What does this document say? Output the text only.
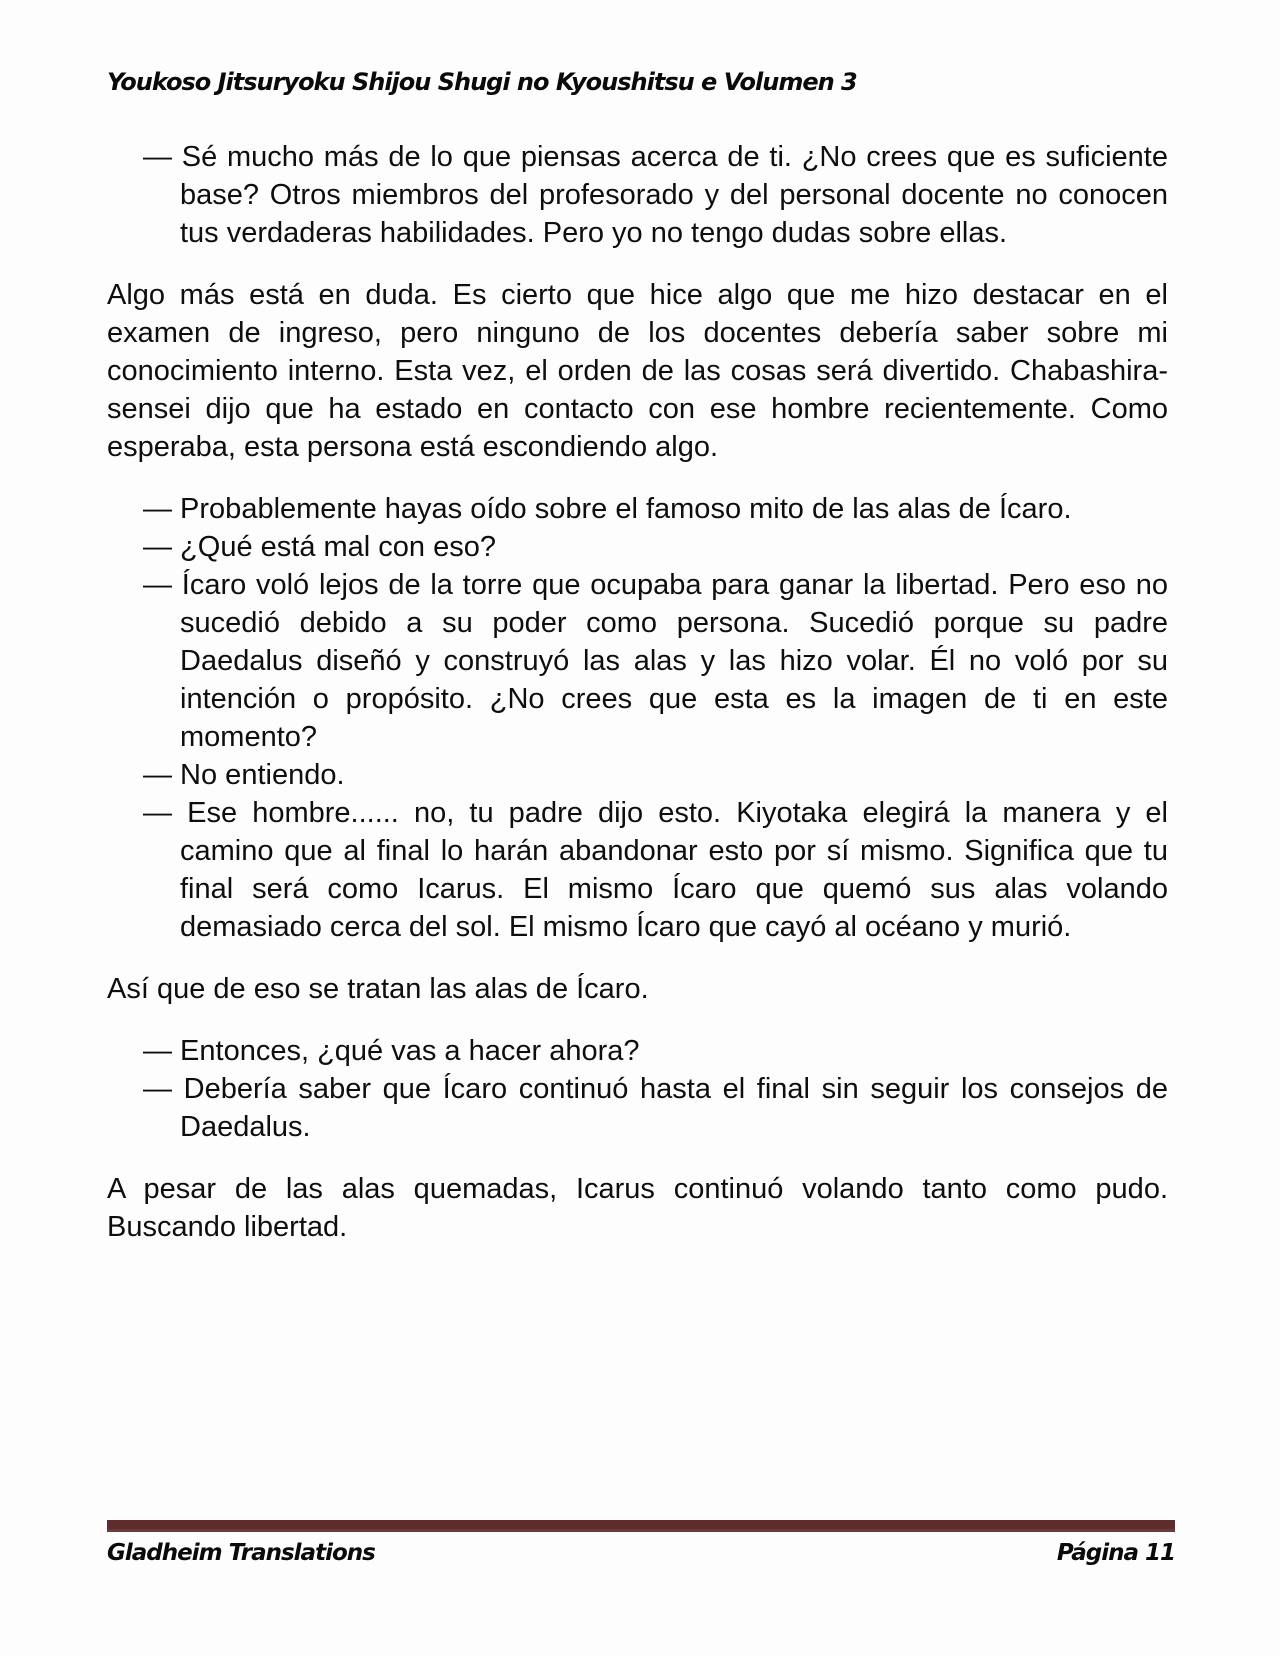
Youkoso Jitsuryoku Shijou Shugi no Kyoushitsu e Volumen 3

— Sé mucho más de lo que piensas acerca de ti. ¿No crees que es suficiente base? Otros miembros del profesorado y del personal docente no conocen tus verdaderas habilidades. Pero yo no tengo dudas sobre ellas.

Algo más está en duda. Es cierto que hice algo que me hizo destacar en el examen de ingreso, pero ninguno de los docentes debería saber sobre mi conocimiento interno. Esta vez, el orden de las cosas será divertido. Chabashira-sensei dijo que ha estado en contacto con ese hombre recientemente. Como esperaba, esta persona está escondiendo algo.

— Probablemente hayas oído sobre el famoso mito de las alas de Ícaro.

— ¿Qué está mal con eso?

— Ícaro voló lejos de la torre que ocupaba para ganar la libertad. Pero eso no sucedió debido a su poder como persona. Sucedió porque su padre Daedalus diseñó y construyó las alas y las hizo volar. Él no voló por su intención o propósito. ¿No crees que esta es la imagen de ti en este momento?

— No entiendo.

— Ese hombre...... no, tu padre dijo esto. Kiyotaka elegirá la manera y el camino que al final lo harán abandonar esto por sí mismo. Significa que tu final será como Icarus. El mismo Ícaro que quemó sus alas volando demasiado cerca del sol. El mismo Ícaro que cayó al océano y murió.

Así que de eso se tratan las alas de Ícaro.

— Entonces, ¿qué vas a hacer ahora?

— Debería saber que Ícaro continuó hasta el final sin seguir los consejos de Daedalus.

A pesar de las alas quemadas, Icarus continuó volando tanto como pudo. Buscando libertad.

Gladheim Translations	Página 11
